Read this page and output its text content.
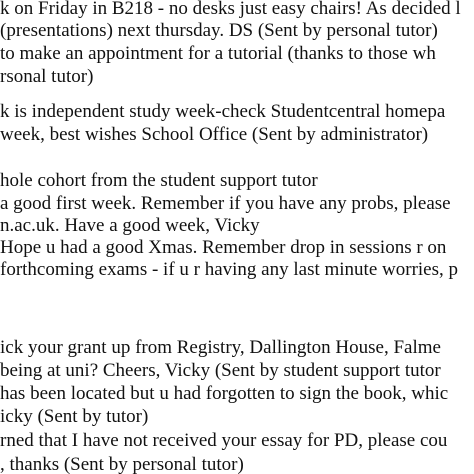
k on Friday in B218 - no desks just easy chairs! As decided l
(presentations) next thursday. DS (Sent by personal tutor)
to make an appointment for a tutorial (thanks to those wh
rsonal tutor)
k is independent study week-check Studentcentral homepa
week, best wishes School Office (Sent by administrator)
hole cohort from the student support tutor
a good first week. Remember if you have any probs, please
n.ac.uk. Have a good week, Vicky
Hope u had a good Xmas. Remember drop in sessions r on
forthcoming exams - if u r having any last minute worries, p
ick your grant up from Registry, Dallington House, Falme
being at uni? Cheers, Vicky (Sent by student support tutor
has been located but u had forgotten to sign the book, whic
icky (Sent by tutor)
rned that I have not received your essay for PD, please cou
, thanks (Sent by personal tutor)
